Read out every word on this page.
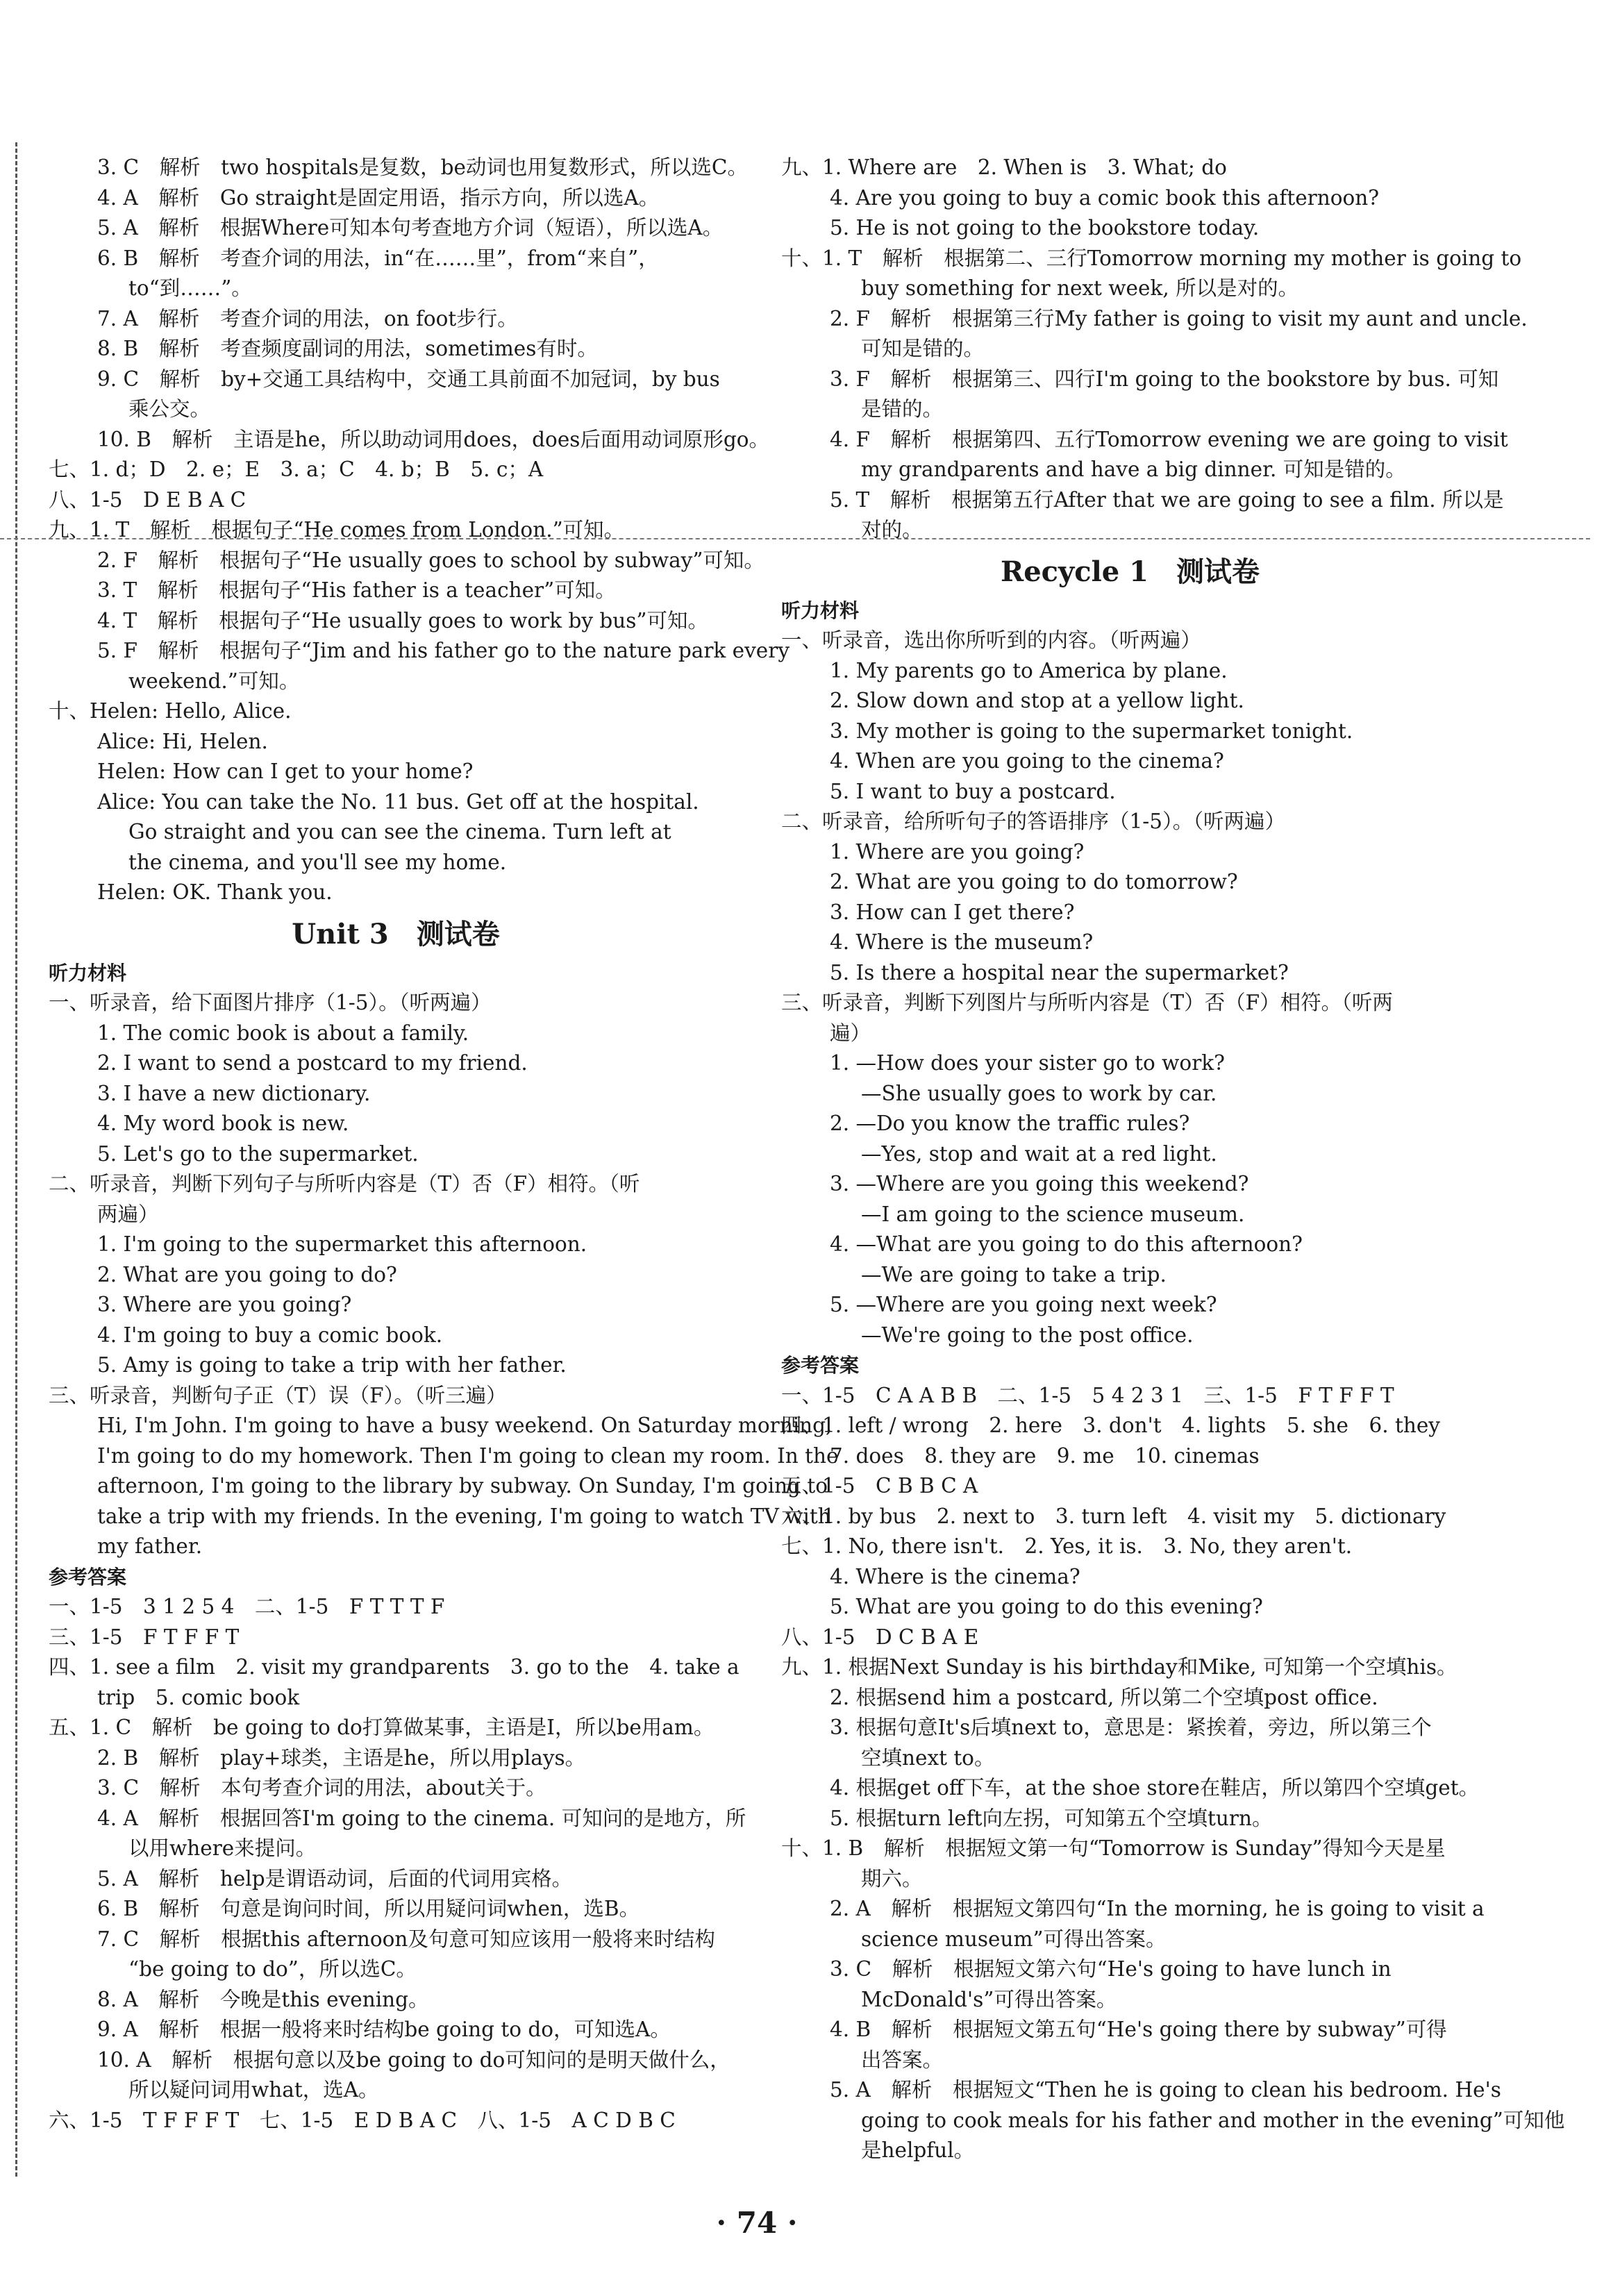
3. C　解析　two hospitals是复数，be动词也用复数形式，所以选C。
4. A　解析　Go straight是固定用语，指示方向，所以选A。
5. A　解析　根据Where可知本句考查地方介词（短语），所以选A。
6. B　解析　考查介词的用法，in“在……里”，from“来自”，
to“到……”。
7. A　解析　考查介词的用法，on foot步行。
8. B　解析　考查频度副词的用法，sometimes有时。
9. C　解析　by+交通工具结构中，交通工具前面不加冠词，by bus
乘公交。
10. B　解析　主语是he，所以助动词用does，does后面用动词原形go。
七、1. d；D　2. e；E　3. a；C　4. b；B　5. c；A
八、1-5　D E B A C
九、1. T　解析　根据句子“He comes from London.”可知。
2. F　解析　根据句子“He usually goes to school by subway”可知。
3. T　解析　根据句子“His father is a teacher”可知。
4. T　解析　根据句子“He usually goes to work by bus”可知。
5. F　解析　根据句子“Jim and his father go to the nature park every
weekend.”可知。
十、Helen: Hello, Alice.
Alice: Hi, Helen.
Helen: How can I get to your home?
Alice: You can take the No. 11 bus. Get off at the hospital.
Go straight and you can see the cinema. Turn left at
the cinema, and you'll see my home.
Helen: OK. Thank you.
Unit 3　测试卷
听力材料
一、听录音，给下面图片排序（1-5）。（听两遍）
1. The comic book is about a family.
2. I want to send a postcard to my friend.
3. I have a new dictionary.
4. My word book is new.
5. Let's go to the supermarket.
二、听录音，判断下列句子与所听内容是（T）否（F）相符。（听
两遍）
1. I'm going to the supermarket this afternoon.
2. What are you going to do?
3. Where are you going?
4. I'm going to buy a comic book.
5. Amy is going to take a trip with her father.
三、听录音，判断句子正（T）误（F）。（听三遍）
Hi, I'm John. I'm going to have a busy weekend. On Saturday morning,
I'm going to do my homework. Then I'm going to clean my room. In the
afternoon, I'm going to the library by subway. On Sunday, I'm going to
take a trip with my friends. In the evening, I'm going to watch TV with
my father.
参考答案
一、1-5　3 1 2 5 4　二、1-5　F T T T F
三、1-5　F T F F T
四、1. see a film　2. visit my grandparents　3. go to the　4. take a
trip　5. comic book
五、1. C　解析　be going to do打算做某事，主语是I，所以be用am。
2. B　解析　play+球类，主语是he，所以用plays。
3. C　解析　本句考查介词的用法，about关于。
4. A　解析　根据回答I'm going to the cinema. 可知问的是地方，所
以用where来提问。
5. A　解析　help是谓语动词，后面的代词用宾格。
6. B　解析　句意是询问时间，所以用疑问词when，选B。
7. C　解析　根据this afternoon及句意可知应该用一般将来时结构
“be going to do”，所以选C。
8. A　解析　今晚是this evening。
9. A　解析　根据一般将来时结构be going to do，可知选A。
10. A　解析　根据句意以及be going to do可知问的是明天做什么，
所以疑问词用what，选A。
六、1-5　T F F F T　七、1-5　E D B A C　八、1-5　A C D B C
九、1. Where are　2. When is　3. What; do
4. Are you going to buy a comic book this afternoon?
5. He is not going to the bookstore today.
十、1. T　解析　根据第二、三行Tomorrow morning my mother is going to
buy something for next week, 所以是对的。
2. F　解析　根据第三行My father is going to visit my aunt and uncle.
可知是错的。
3. F　解析　根据第三、四行I'm going to the bookstore by bus. 可知
是错的。
4. F　解析　根据第四、五行Tomorrow evening we are going to visit
my grandparents and have a big dinner. 可知是错的。
5. T　解析　根据第五行After that we are going to see a film. 所以是
对的。
Recycle 1　测试卷
听力材料
一、听录音，选出你所听到的内容。（听两遍）
1. My parents go to America by plane.
2. Slow down and stop at a yellow light.
3. My mother is going to the supermarket tonight.
4. When are you going to the cinema?
5. I want to buy a postcard.
二、听录音，给所听句子的答语排序（1-5）。（听两遍）
1. Where are you going?
2. What are you going to do tomorrow?
3. How can I get there?
4. Where is the museum?
5. Is there a hospital near the supermarket?
三、听录音，判断下列图片与所听内容是（T）否（F）相符。（听两
遍）
1. —How does your sister go to work?
—She usually goes to work by car.
2. —Do you know the traffic rules?
—Yes, stop and wait at a red light.
3. —Where are you going this weekend?
—I am going to the science museum.
4. —What are you going to do this afternoon?
—We are going to take a trip.
5. —Where are you going next week?
—We're going to the post office.
参考答案
一、1-5　C A A B B　二、1-5　5 4 2 3 1　三、1-5　F T F F T
四、1. left / wrong　2. here　3. don't　4. lights　5. she　6. they
7. does　8. they are　9. me　10. cinemas
五、1-5　C B B C A
六、1. by bus　2. next to　3. turn left　4. visit my　5. dictionary
七、1. No, there isn't.　2. Yes, it is.　3. No, they aren't.
4. Where is the cinema?
5. What are you going to do this evening?
八、1-5　D C B A E
九、1. 根据Next Sunday is his birthday和Mike, 可知第一个空填his。
2. 根据send him a postcard, 所以第二个空填post office.
3. 根据句意It's后填next to，意思是：紧挨着，旁边，所以第三个
空填next to。
4. 根据get off下车，at the shoe store在鞋店，所以第四个空填get。
5. 根据turn left向左拐，可知第五个空填turn。
十、1. B　解析　根据短文第一句“Tomorrow is Sunday”得知今天是星
期六。
2. A　解析　根据短文第四句“In the morning, he is going to visit a
science museum”可得出答案。
3. C　解析　根据短文第六句“He's going to have lunch in
McDonald's”可得出答案。
4. B　解析　根据短文第五句“He's going there by subway”可得
出答案。
5. A　解析　根据短文“Then he is going to clean his bedroom. He's
going to cook meals for his father and mother in the evening”可知他
是helpful。
· 74 ·
